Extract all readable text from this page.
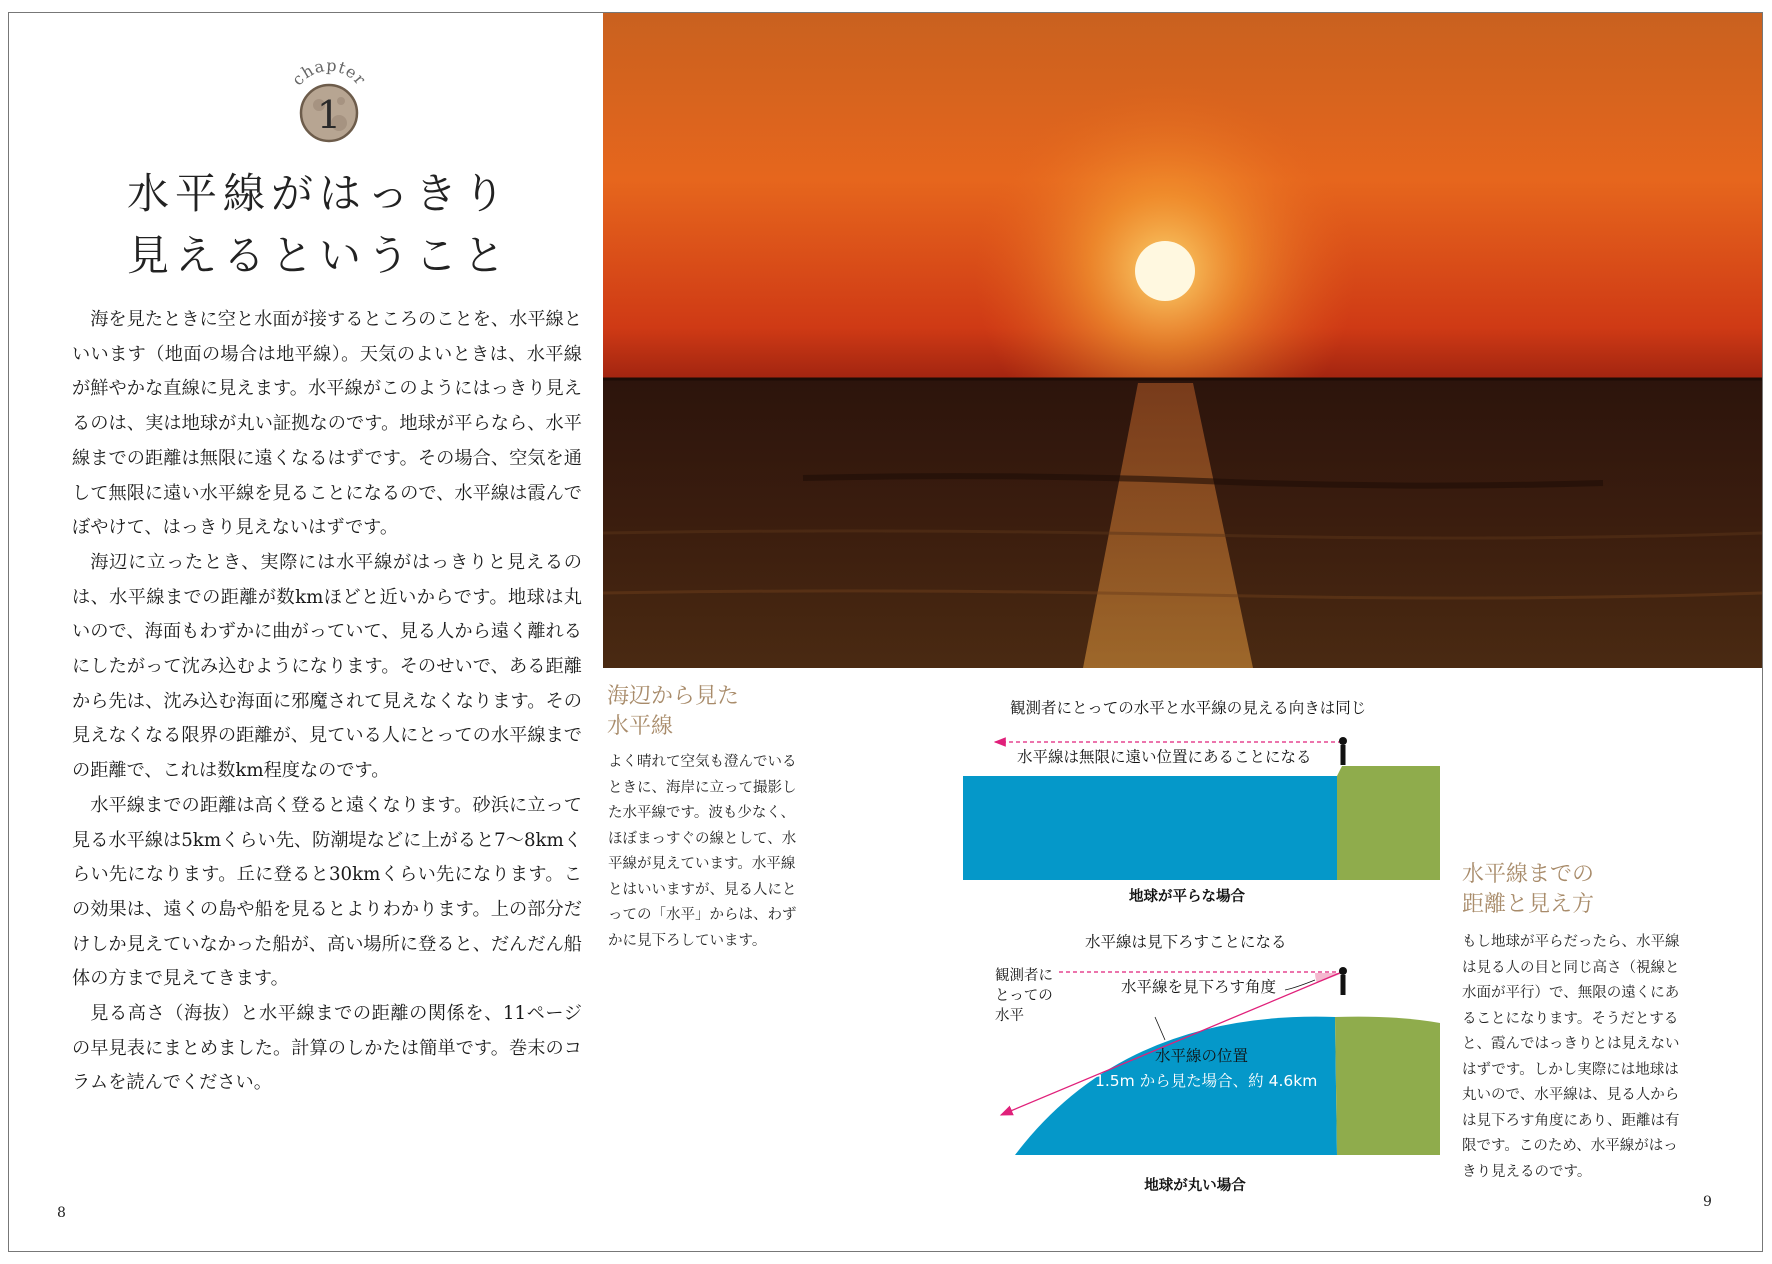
chapter
1
水平線がはっきり
見えるということ

海を見たときに空と水面が接するところのことを、水平線といいます（地面の場合は地平線）。天気のよいときは、水平線が鮮やかな直線に見えます。水平線がこのようにはっきり見えるのは、実は地球が丸い証拠なのです。地球が平らなら、水平線までの距離は無限に遠くなるはずです。その場合、空気を通して無限に遠い水平線を見ることになるので、水平線は霞んでぼやけて、はっきり見えないはずです。

海辺に立ったとき、実際には水平線がはっきりと見えるのは、水平線までの距離が数kmほどと近いからです。地球は丸いので、海面もわずかに曲がっていて、見る人から遠く離れるにしたがって沈み込むようになります。そのせいで、ある距離から先は、沈み込む海面に邪魔されて見えなくなります。その見えなくなる限界の距離が、見ている人にとっての水平線までの距離で、これは数km程度なのです。

水平線までの距離は高く登ると遠くなります。砂浜に立って見る水平線は5kmくらい先、防潮堤などに上がると7〜8kmくらい先になります。丘に登ると30kmくらい先になります。この効果は、遠くの島や船を見るとよりわかります。上の部分だけしか見えていなかった船が、高い場所に登ると、だんだん船体の方まで見えてきます。

見る高さ（海抜）と水平線までの距離の関係を、11ページの早見表にまとめました。計算のしかたは簡単です。巻末のコラムを読んでください。

8
海辺から見た
水平線
よく晴れて空気も澄んでいる
ときに、海岸に立って撮影し
た水平線です。波も少なく、
ほぼまっすぐの線として、水
平線が見えています。水平線
とはいいますが、見る人にと
っての「水平」からは、わず
かに見下ろしています。
観測者にとっての水平と水平線の見える向きは同じ
水平線は無限に遠い位置にあることになる
地球が平らな場合
水平線は見下ろすことになる
観測者に とっての 水平
水平線を見下ろす角度
水平線の位置
1.5m から見た場合、約 4.6km
地球が丸い場合
水平線までの
距離と見え方
もし地球が平らだったら、水平線
は見る人の目と同じ高さ（視線と
水面が平行）で、無限の遠くにあ
ることになります。そうだとする
と、霞んではっきりとは見えない
はずです。しかし実際には地球は
丸いので、水平線は、見る人から
は見下ろす角度にあり、距離は有
限です。このため、水平線がはっ
きり見えるのです。
9
